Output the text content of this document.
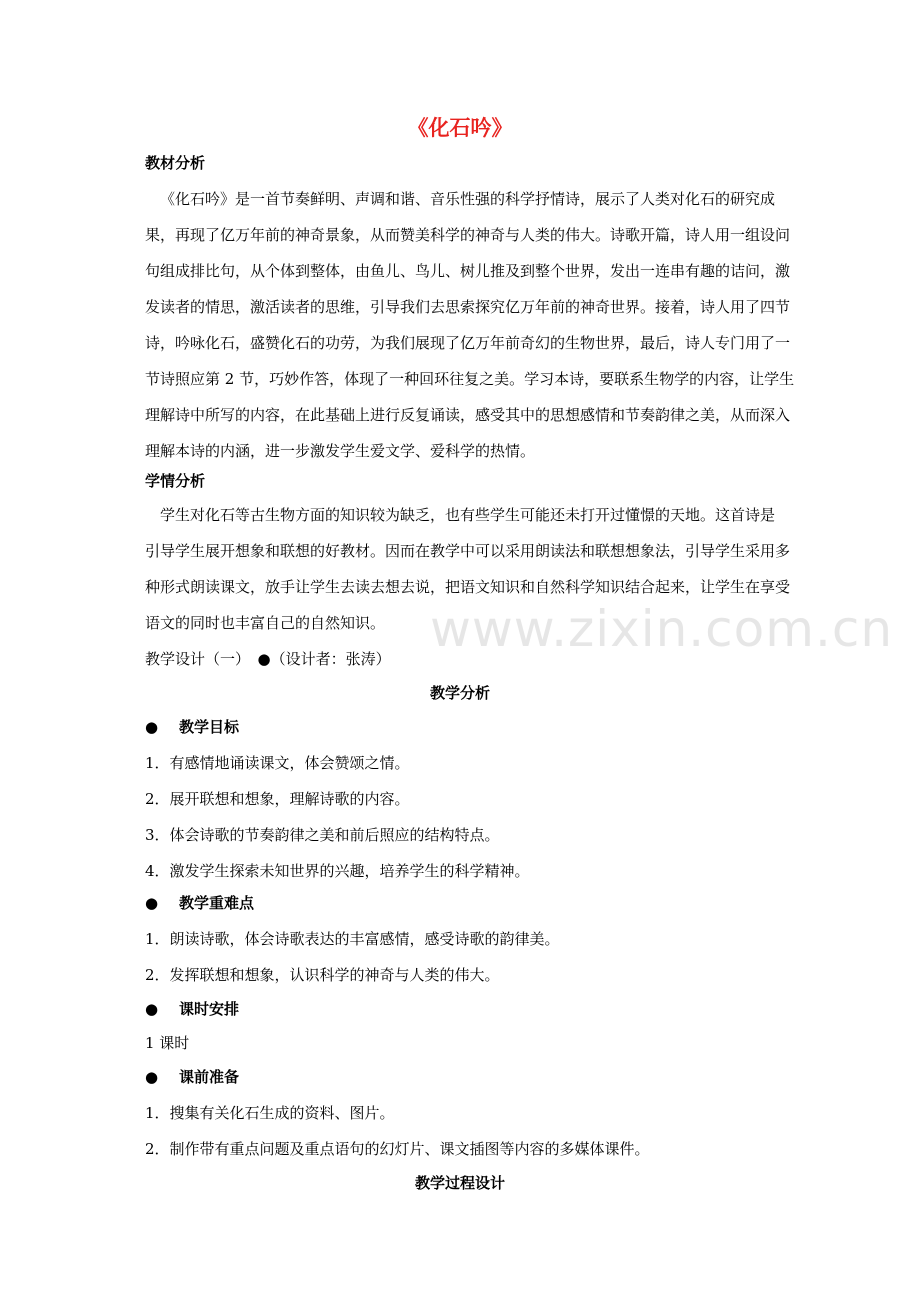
www.zixin.com.cn
《化石吟》
教材分析
《化石吟》是一首节奏鲜明、声调和谐、音乐性强的科学抒情诗，展示了人类对化石的研究成
果，再现了亿万年前的神奇景象，从而赞美科学的神奇与人类的伟大。诗歌开篇，诗人用一组设问
句组成排比句，从个体到整体，由鱼儿、鸟儿、树儿推及到整个世界，发出一连串有趣的诘问，激
发读者的情思，激活读者的思维，引导我们去思索探究亿万年前的神奇世界。接着，诗人用了四节
诗，吟咏化石，盛赞化石的功劳，为我们展现了亿万年前奇幻的生物世界，最后，诗人专门用了一
节诗照应第 2 节，巧妙作答，体现了一种回环往复之美。学习本诗，要联系生物学的内容，让学生
理解诗中所写的内容，在此基础上进行反复诵读，感受其中的思想感情和节奏韵律之美，从而深入
理解本诗的内涵，进一步激发学生爱文学、爱科学的热情。
学情分析
学生对化石等古生物方面的知识较为缺乏，也有些学生可能还未打开过懂憬的天地。这首诗是
引导学生展开想象和联想的好教材。因而在教学中可以采用朗读法和联想想象法，引导学生采用多
种形式朗读课文，放手让学生去读去想去说，把语文知识和自然科学知识结合起来，让学生在享受
语文的同时也丰富自己的自然知识。
教学设计（一）　●（设计者：张涛）
教学分析
● 教学目标
1．有感情地诵读课文，体会赞颂之情。
2．展开联想和想象，理解诗歌的内容。
3．体会诗歌的节奏韵律之美和前后照应的结构特点。
4．激发学生探索未知世界的兴趣，培养学生的科学精神。
● 教学重难点
1．朗读诗歌，体会诗歌表达的丰富感情，感受诗歌的韵律美。
2．发挥联想和想象，认识科学的神奇与人类的伟大。
● 课时安排
1 课时
● 课前准备
1．搜集有关化石生成的资料、图片。
2．制作带有重点问题及重点语句的幻灯片、课文插图等内容的多媒体课件。
教学过程设计
